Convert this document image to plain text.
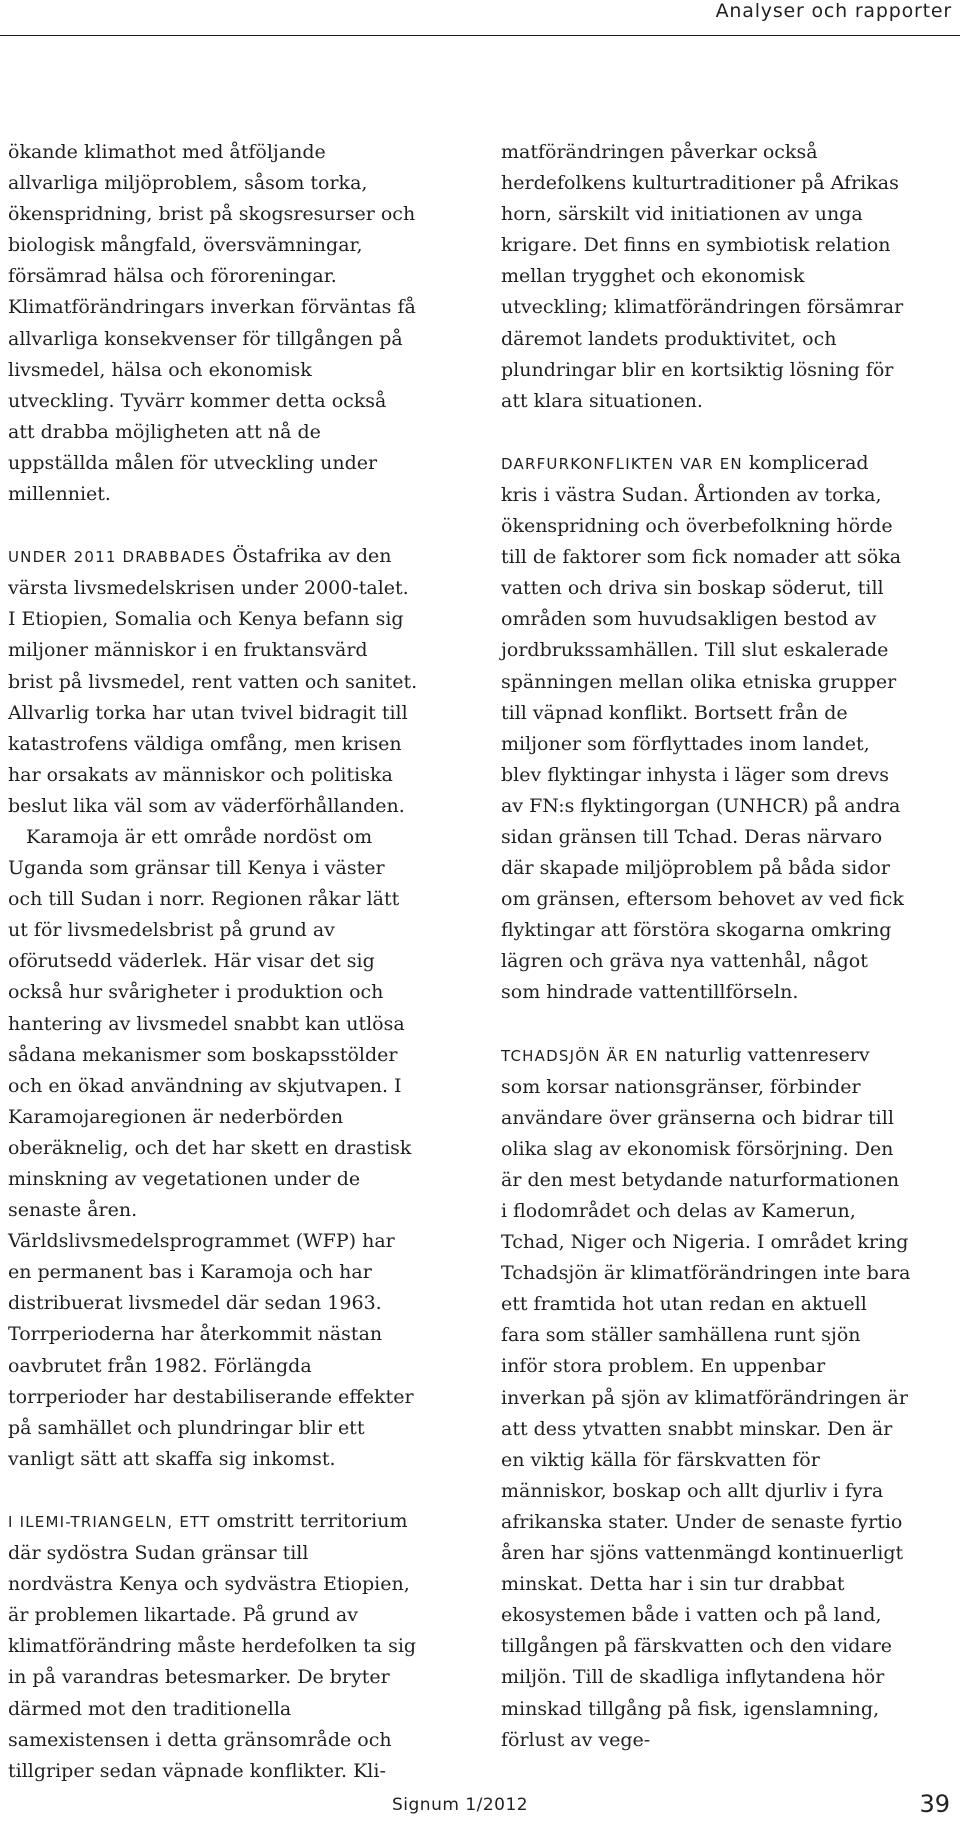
Analyser och rapporter

ökande klimathot med åtföljande allvarliga miljöproblem, såsom torka, ökenspridning, brist på skogsresurser och biologisk mångfald, översvämningar, försämrad hälsa och föroreningar. Klimatförändringars inverkan förväntas få allvarliga konsekvenser för tillgången på livsmedel, hälsa och ekonomisk utveckling. Tyvärr kommer detta också att drabba möjligheten att nå de uppställda målen för utveckling under millenniet.

UNDER 2011 DRABBADES Östafrika av den värsta livsmedelskrisen under 2000-talet. I Etiopien, Somalia och Kenya befann sig miljoner människor i en fruktansvärd brist på livsmedel, rent vatten och sanitet. Allvarlig torka har utan tvivel bidragit till katastrofens väldiga omfång, men krisen har orsakats av människor och politiska beslut lika väl som av väderförhållanden.

Karamoja är ett område nordöst om Uganda som gränsar till Kenya i väster och till Sudan i norr. Regionen råkar lätt ut för livsmedelsbrist på grund av oförutsedd väderlek. Här visar det sig också hur svårigheter i produktion och hantering av livsmedel snabbt kan utlösa sådana mekanismer som boskapsstölder och en ökad användning av skjutvapen. I Karamojaregionen är nederbörden oberäknelig, och det har skett en drastisk minskning av vegetationen under de senaste åren. Världslivsmedelsprogrammet (WFP) har en permanent bas i Karamoja och har distribuerat livsmedel där sedan 1963. Torrperioderna har återkommit nästan oavbrutet från 1982. Förlängda torrperioder har destabiliserande effekter på samhället och plundringar blir ett vanligt sätt att skaffa sig inkomst.

I ILEMI-TRIANGELN, ETT omstritt territorium där sydöstra Sudan gränsar till nordvästra Kenya och sydvästra Etiopien, är problemen likartade. På grund av klimatförändring måste herdefolken ta sig in på varandras betesmarker. De bryter därmed mot den traditionella samexistensen i detta gränsområde och tillgriper sedan väpnade konflikter. Kli-

matförändringen påverkar också herdefolkens kulturtraditioner på Afrikas horn, särskilt vid initiationen av unga krigare. Det finns en symbiotisk relation mellan trygghet och ekonomisk utveckling; klimatförändringen försämrar däremot landets produktivitet, och plundringar blir en kortsiktig lösning för att klara situationen.

DARFURKONFLIKTEN VAR EN komplicerad kris i västra Sudan. Årtionden av torka, ökenspridning och överbefolkning hörde till de faktorer som fick nomader att söka vatten och driva sin boskap söderut, till områden som huvudsakligen bestod av jordbrukssamhällen. Till slut eskalerade spänningen mellan olika etniska grupper till väpnad konflikt. Bortsett från de miljoner som förflyttades inom landet, blev flyktingar inhysta i läger som drevs av FN:s flyktingorgan (UNHCR) på andra sidan gränsen till Tchad. Deras närvaro där skapade miljöproblem på båda sidor om gränsen, eftersom behovet av ved fick flyktingar att förstöra skogarna omkring lägren och gräva nya vattenhål, något som hindrade vattentillförseln.

TCHADSJÖN ÄR EN naturlig vattenreserv som korsar nationsgränser, förbinder användare över gränserna och bidrar till olika slag av ekonomisk försörjning. Den är den mest betydande naturformationen i flodområdet och delas av Kamerun, Tchad, Niger och Nigeria. I området kring Tchadsjön är klimatförändringen inte bara ett framtida hot utan redan en aktuell fara som ställer samhällena runt sjön inför stora problem. En uppenbar inverkan på sjön av klimatförändringen är att dess ytvatten snabbt minskar. Den är en viktig källa för färskvatten för människor, boskap och allt djurliv i fyra afrikanska stater. Under de senaste fyrtio åren har sjöns vattenmängd kontinuerligt minskat. Detta har i sin tur drabbat ekosystemen både i vatten och på land, tillgången på färskvatten och den vidare miljön. Till de skadliga inflytandena hör minskad tillgång på fisk, igenslamning, förlust av vege-

Signum 1/2012	39
